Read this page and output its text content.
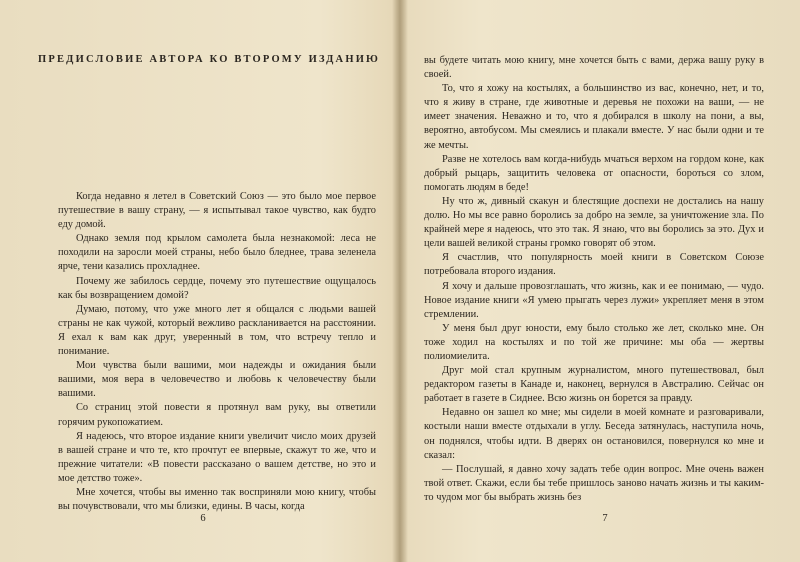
ПРЕДИСЛОВИЕ АВТОРА КО ВТОРОМУ ИЗДАНИЮ

Когда недавно я летел в Советский Союз — это было мое первое путешествие в вашу страну, — я испытывал такое чувство, как будто еду домой.

Однако земля под крылом самолета была незнакомой: леса не походили на заросли моей страны, небо было бледнее, трава зеленела ярче, тени казались прохладнее.

Почему же забилось сердце, почему это путешествие ощущалось как бы возвращением домой?

Думаю, потому, что уже много лет я общался с людьми вашей страны не как чужой, который вежливо раскланивается на расстоянии. Я ехал к вам как друг, уверенный в том, что встречу тепло и понимание.

Мои чувства были вашими, мои надежды и ожидания были вашими, моя вера в человечество и любовь к человечеству были вашими.

Со страниц этой повести я протянул вам руку, вы ответили горячим рукопожатием.

Я надеюсь, что второе издание книги увеличит число моих друзей в вашей стране и что те, кто прочтут ее впервые, скажут то же, что и прежние читатели: «В повести рассказано о вашем детстве, но это и мое детство тоже».

Мне хочется, чтобы вы именно так восприняли мою книгу, чтобы вы почувствовали, что мы близки, едины. В часы, когда

6

вы будете читать мою книгу, мне хочется быть с вами, держа вашу руку в своей.

То, что я хожу на костылях, а большинство из вас, конечно, нет, и то, что я живу в стране, где животные и деревья не похожи на ваши, — не имеет значения. Неважно и то, что я добирался в школу на пони, а вы, вероятно, автобусом. Мы смеялись и плакали вместе. У нас были одни и те же мечты.

Разве не хотелось вам когда-нибудь мчаться верхом на гордом коне, как добрый рыцарь, защитить человека от опасности, бороться со злом, помогать людям в беде!

Ну что ж, дивный скакун и блестящие доспехи не достались на нашу долю. Но мы все равно боролись за добро на земле, за уничтожение зла. По крайней мере я надеюсь, что это так. Я знаю, что вы боролись за это. Дух и цели вашей великой страны громко говорят об этом.

Я счастлив, что популярность моей книги в Советском Союзе потребовала второго издания.

Я хочу и дальше провозглашать, что жизнь, как и ее понимаю, — чудо. Новое издание книги «Я умею прыгать через лужи» укрепляет меня в этом стремлении.

У меня был друг юности, ему было столько же лет, сколько мне. Он тоже ходил на костылях и по той же причине: мы оба — жертвы полиомиелита.

Друг мой стал крупным журналистом, много путешествовал, был редактором газеты в Канаде и, наконец, вернулся в Австралию. Сейчас он работает в газете в Сиднее. Всю жизнь он борется за правду.

Недавно он зашел ко мне; мы сидели в моей комнате и разговаривали, костыли наши вместе отдыхали в углу. Беседа затянулась, наступила ночь, он поднялся, чтобы идти. В дверях он остановился, повернулся ко мне и сказал:

— Послушай, я давно хочу задать тебе один вопрос. Мне очень важен твой ответ. Скажи, если бы тебе пришлось заново начать жизнь и ты каким-то чудом мог бы выбрать жизнь без

7
